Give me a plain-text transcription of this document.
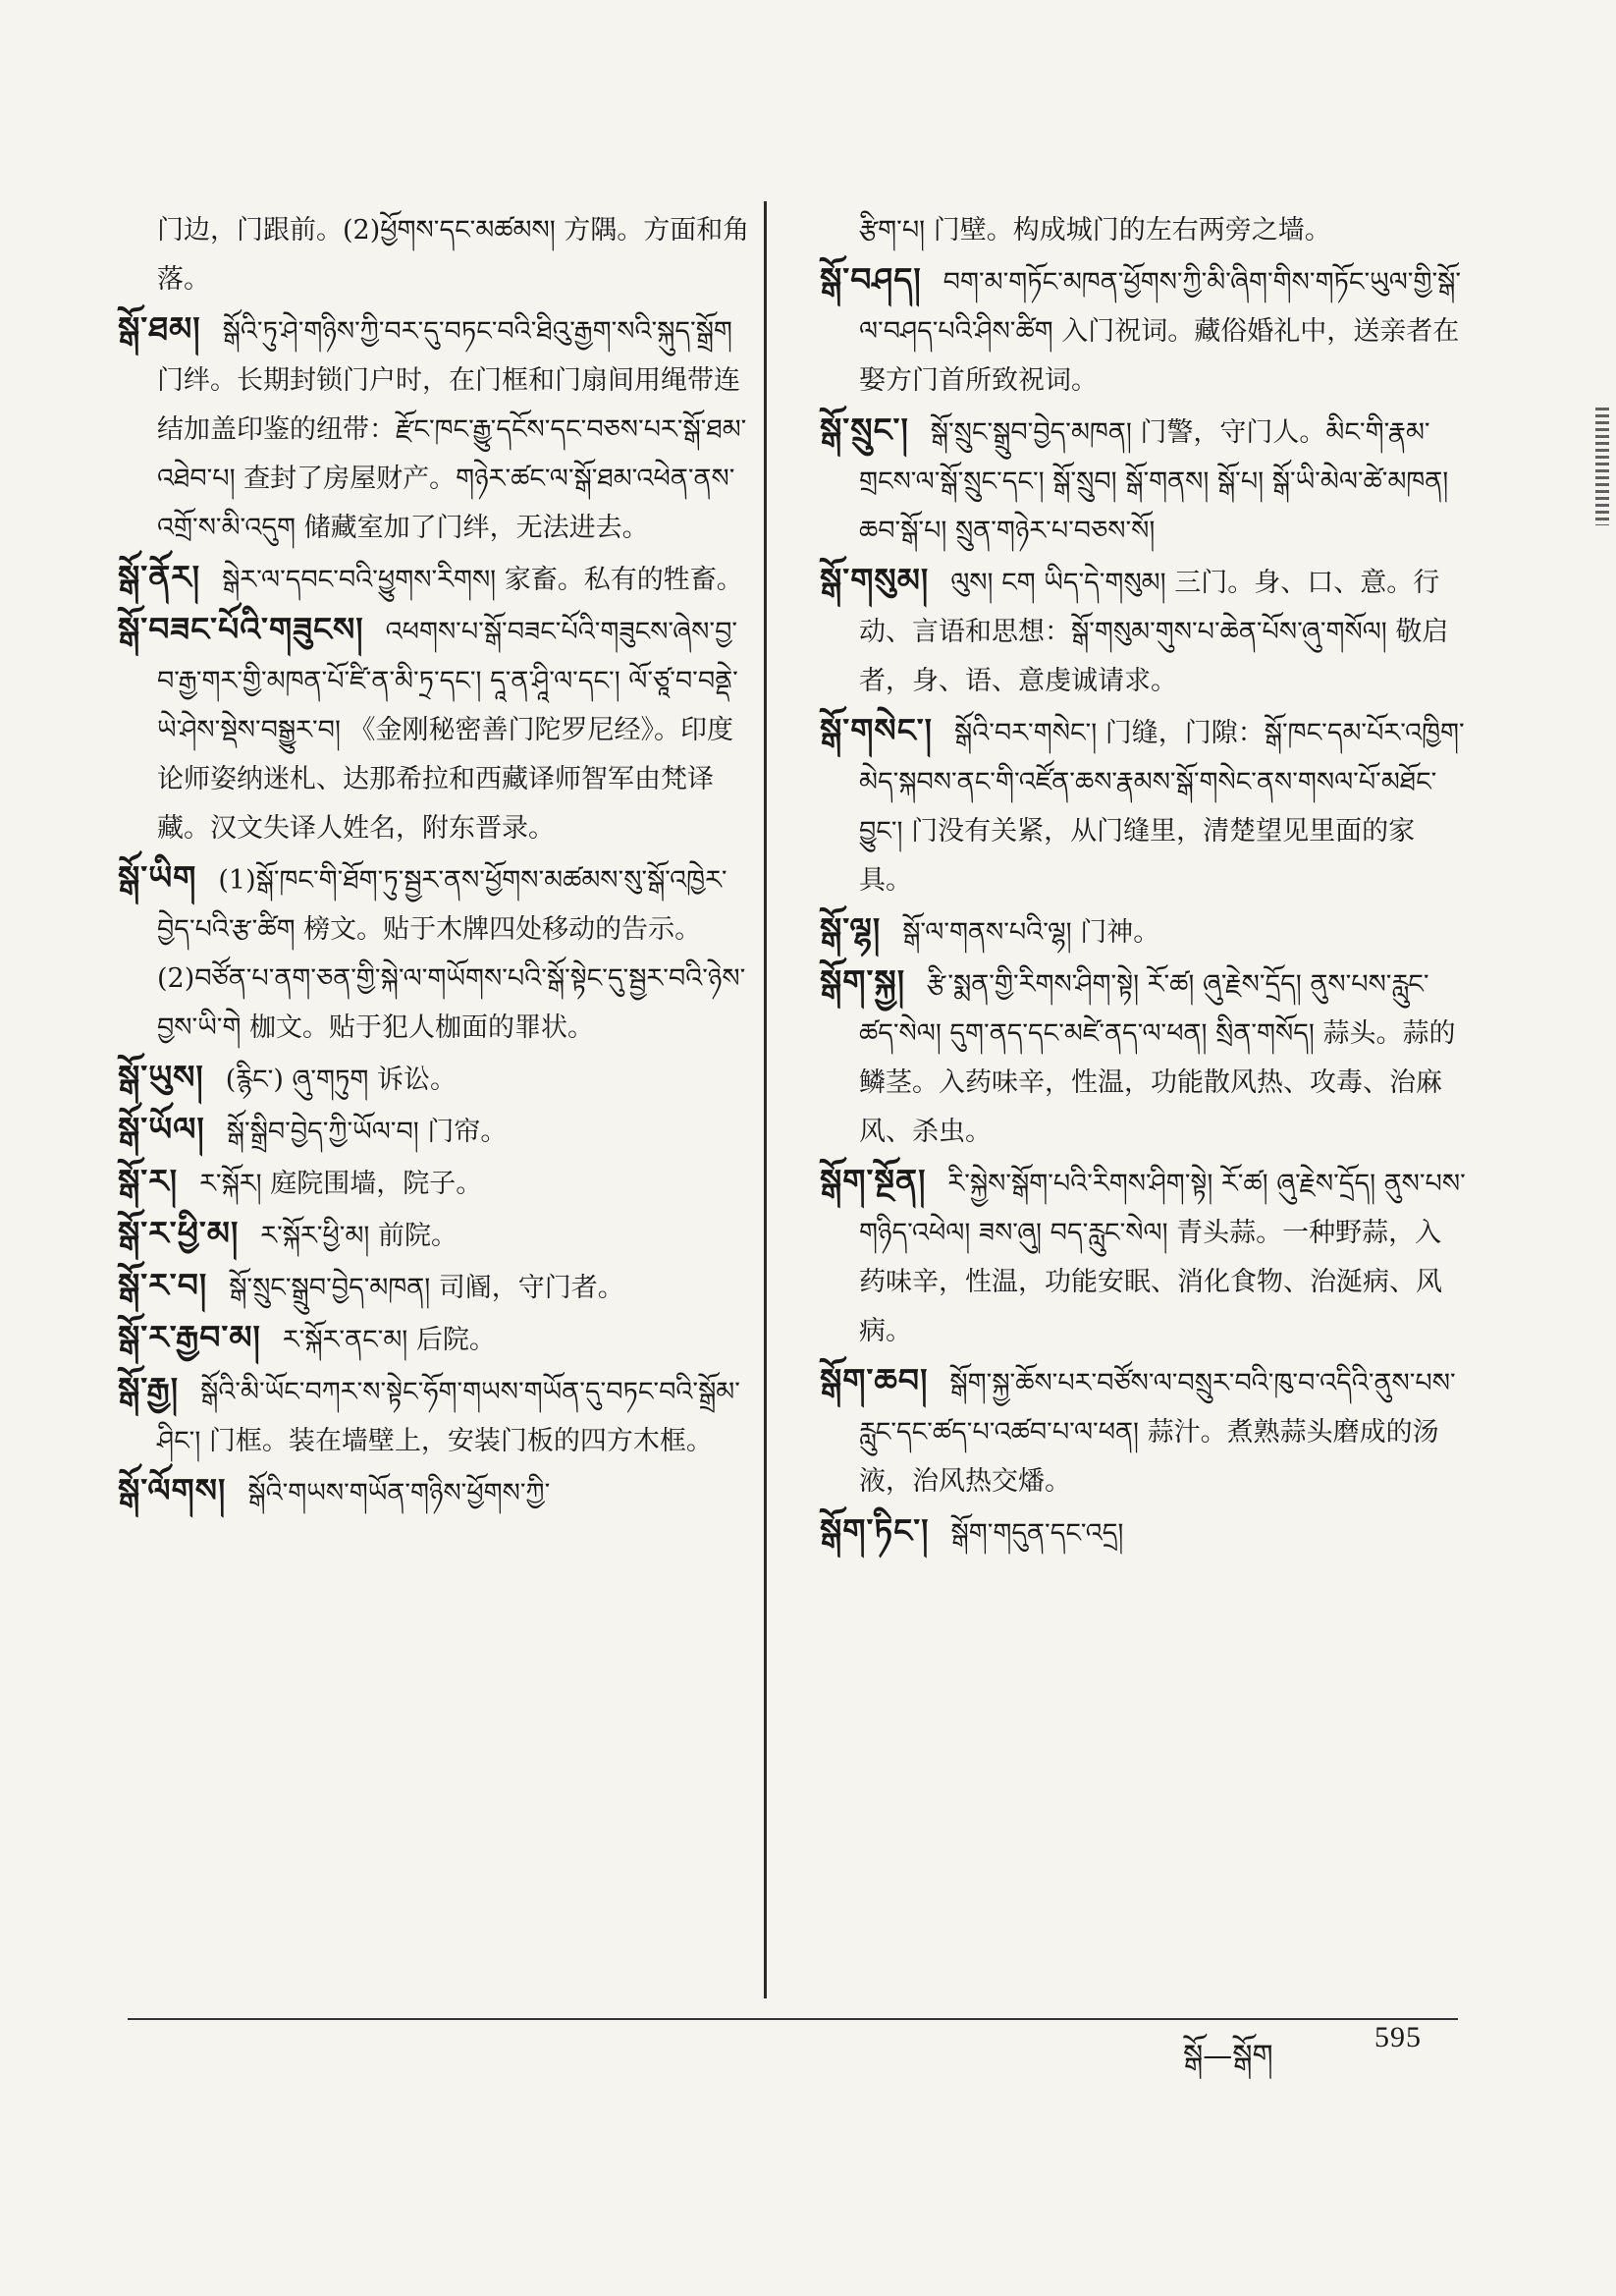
门边，门跟前。(2)ཕྱོགས་དང་མཚམས། 方隅。方面和角落。

སྒོ་ཐམ། སྒོའི་ཏུ་ཤེ་གཉིས་ཀྱི་བར་དུ་བཏང་བའི་ཐིའུ་རྒྱག་སའི་སྐུད་སྒྲོག 门绊。长期封锁门户时，在门框和门扇间用绳带连结加盖印鉴的纽带：རྫོང་ཁང་རྒྱུ་དངོས་དང་བཅས་པར་སྒོ་ཐམ་འཐེབ་པ། 查封了房屋财产。གཉེར་ཚང་ལ་སྒོ་ཐམ་འཕེན་ནས་འགྲོ་ས་མི་འདུག 储藏室加了门绊，无法进去。

སྒོ་ནོར། སྒེར་ལ་དབང་བའི་ཕྱུགས་རིགས། 家畜。私有的牲畜。

སྒོ་བཟང་པོའི་གཟུངས། འཕགས་པ་སྒོ་བཟང་པོའི་གཟུངས་ཞེས་བྱ་བ་རྒྱ་གར་གྱི་མཁན་པོ་ཛི་ན་མི་ཏྲ་དང་། དཱ་ན་ཤཱི་ལ་དང་། ལོ་ཙཱ་བ་བནྡེ་ཡེ་ཤེས་སྡེས་བསྒྱུར་བ། 《金刚秘密善门陀罗尼经》。印度论师姿纳迷札、达那希拉和西藏译师智军由梵译藏。汉文失译人姓名，附东晋录。

སྒོ་ཡིག (1)སྒོ་ཁང་གི་ཐོག་ཏུ་སྦྱར་ནས་ཕྱོགས་མཚམས་སུ་སྒོ་འཁྱེར་བྱེད་པའི་རྩ་ཚིག 榜文。贴于木牌四处移动的告示。(2)བཙོན་པ་ནག་ཅན་གྱི་སྐེ་ལ་གཡོགས་པའི་སྒོ་སྟེང་དུ་སྦྱར་བའི་ཉེས་བྱས་ཡི་གེ 枷文。贴于犯人枷面的罪状。

སྒོ་ཡུས། (རྙིང་) ཞུ་གཏུག 诉讼。

སྒོ་ཡོལ། སྒོ་སྒྲིབ་བྱེད་ཀྱི་ཡོལ་བ། 门帘。

སྒོ་ར། ར་སྐོར། 庭院围墙，院子。

སྒོ་ར་ཕྱི་མ། ར་སྐོར་ཕྱི་མ། 前院。

སྒོ་ར་བ། སྒོ་སྲུང་སྒྲུབ་བྱེད་མཁན། 司阍，守门者。

སྒོ་ར་རྒྱབ་མ། ར་སྐོར་ནང་མ། 后院。

སྒོ་རྒྱ། སྒོའི་མི་ཡོང་བཀར་ས་སྟེང་ཧོག་གཡས་གཡོན་དུ་བཏང་བའི་སྒྲོམ་ཤིང་། 门框。装在墙壁上，安装门板的四方木框。

སྒོ་ལོགས། སྒོའི་གཡས་གཡོན་གཉིས་ཕྱོགས་ཀྱི་

རྩིག་པ། 门壁。构成城门的左右两旁之墙。

སྒོ་བཤད། བག་མ་གཏོང་མཁན་ཕྱོགས་ཀྱི་མི་ཞིག་གིས་གཏོང་ཡུལ་གྱི་སྒོ་ལ་བཤད་པའི་ཤིས་ཚིག 入门祝词。藏俗婚礼中，送亲者在娶方门首所致祝词。

སྒོ་སྲུང་། སྒོ་སྲུང་སྒྲུབ་བྱེད་མཁན། 门警，守门人。མིང་གི་རྣམ་གྲངས་ལ་སྒོ་སྲུང་དང་། སྒོ་སྲུབ། སྒོ་གནས། སྒོ་པ། སྒོ་ཡི་མེལ་ཚེ་མཁན། ཆབ་སྒོ་པ། སྲུན་གཉེར་པ་བཅས་སོ།

སྒོ་གསུམ། ལུས། ངག ཡིད་དེ་གསུམ། 三门。身、口、意。行动、言语和思想：སྒོ་གསུམ་གུས་པ་ཆེན་པོས་ཞུ་གསོལ། 敬启者，身、语、意虔诚请求。

སྒོ་གསེང་། སྒོའི་བར་གསེང་། 门缝，门隙：སྒོ་ཁང་དམ་པོར་འཁྱིག་མེད་སྐབས་ནང་གི་འཛོན་ཆས་རྣམས་སྒོ་གསེང་ནས་གསལ་པོ་མཐོང་བྱུང་། 门没有关紧，从门缝里，清楚望见里面的家具。

སྒོ་ལྷ། སྒོ་ལ་གནས་པའི་ལྷ། 门神。

སྒོག་སྐྱ། རྩི་སྨན་གྱི་རིགས་ཤིག་སྟེ། རོ་ཚ། ཞུ་རྗེས་དྲོད། ནུས་པས་རླུང་ཚད་སེལ། དུག་ནད་དང་མཛེ་ནད་ལ་ཕན། སྲིན་གསོད། 蒜头。蒜的鳞茎。入药味辛，性温，功能散风热、攻毒、治麻风、杀虫。

སྒོག་སྔོན། རི་སྐྱེས་སྒོག་པའི་རིགས་ཤིག་སྟེ། རོ་ཚ། ཞུ་རྗེས་དྲོད། ནུས་པས་གཉིད་འཕེལ། ཟས་ཞུ། བད་རླུང་སེལ། 青头蒜。一种野蒜，入药味辛，性温，功能安眠、消化食物、治涎病、风病。

སྒོག་ཆབ། སྒོག་སྐྱ་ཆོས་པར་བཙོས་ལ་བསྲུར་བའི་ཁུ་བ་འདིའི་ནུས་པས་རླུང་དང་ཚད་པ་འཚབ་པ་ལ་ཕན། 蒜汁。煮熟蒜头磨成的汤液，治风热交燔。

སྒོག་ཏིང་། སྒོག་གདུན་དང་འདྲ།

སྒོ—སྒོག
595
